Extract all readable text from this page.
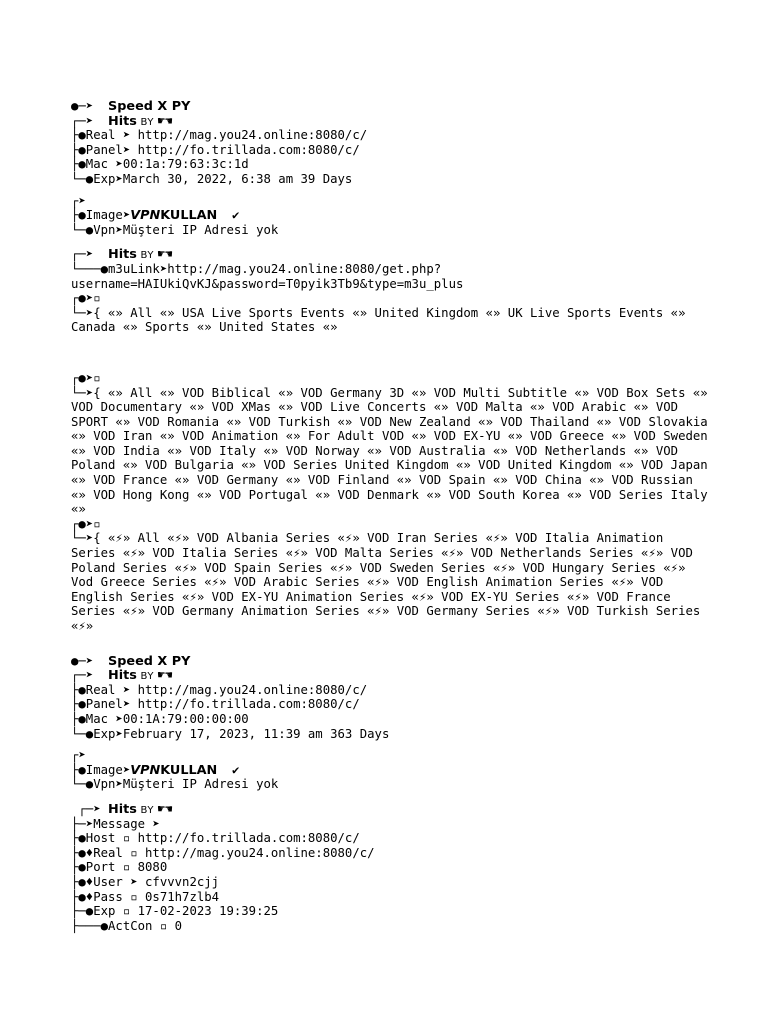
●─➤  Speed X PY
┌─➤  Hits BY ☛☚
├●Real ➤ http://mag.you24.online:8080/c/
├●Panel➤ http://fo.trillada.com:8080/c/
├●Mac ➤00:1a:79:63:3c:1d
└─●Exp➤March 30, 2022, 6:38 am 39 Days
┌➤
├●Image➤𝙑𝙋𝙉KULLAN  ✔
└─●Vpn➤Müşteri IP Adresi yok
┌─➤  Hits BY ☛☚
└───●m3uLink➤http://mag.you24.online:8080/get.php?
username=HAIUkiQvKJ&password=T0pyik3Tb9&type=m3u_plus
┌●➤▫
└─➤{ «» All «» USA Live Sports Events «» United Kingdom «» UK Live Sports Events «» Canada «» Sports «» United States «»
┌●➤▫
└─➤{ «» All «» VOD Biblical «» VOD Germany 3D «» VOD Multi Subtitle «» VOD Box Sets «» VOD Documentary «» VOD XMas «» VOD Live Concerts «» VOD Malta «» VOD Arabic «» VOD SPORT «» VOD Romania «» VOD Turkish «» VOD New Zealand «» VOD Thailand «» VOD Slovakia «» VOD Iran «» VOD Animation «» For Adult VOD «» VOD EX-YU «» VOD Greece «» VOD Sweden «» VOD India «» VOD Italy «» VOD Norway «» VOD Australia «» VOD Netherlands «» VOD Poland «» VOD Bulgaria «» VOD Series United Kingdom «» VOD United Kingdom «» VOD Japan «» VOD France «» VOD Germany «» VOD Finland «» VOD Spain «» VOD China «» VOD Russian «» VOD Hong Kong «» VOD Portugal «» VOD Denmark «» VOD South Korea «» VOD Series Italy «»
┌●➤▫
└─➤{ «⚡» All «⚡» VOD Albania Series «⚡» VOD Iran Series «⚡» VOD Italia Animation Series «⚡» VOD Italia Series «⚡» VOD Malta Series «⚡» VOD Netherlands Series «⚡» VOD Poland Series «⚡» VOD Spain Series «⚡» VOD Sweden Series «⚡» VOD Hungary Series «⚡» Vod Greece Series «⚡» VOD Arabic Series «⚡» VOD English Animation Series «⚡» VOD English Series «⚡» VOD EX-YU Animation Series «⚡» VOD EX-YU Series «⚡» VOD France Series «⚡» VOD Germany Animation Series «⚡» VOD Germany Series «⚡» VOD Turkish Series «⚡»
●─➤  Speed X PY
┌─➤  Hits BY ☛☚
├●Real ➤ http://mag.you24.online:8080/c/
├●Panel➤ http://fo.trillada.com:8080/c/
├●Mac ➤00:1A:79:00:00:00
└─●Exp➤February 17, 2023, 11:39 am 363 Days
┌➤
├●Image➤𝙑𝙋𝙉KULLAN  ✔
└─●Vpn➤Müşteri IP Adresi yok
┌─➤ Hits BY ☛☚
├─➤Message ➤
├●Host ▫ http://fo.trillada.com:8080/c/
├●♦Real ▫ http://mag.you24.online:8080/c/
├●Port ▫ 8080
├●♦User ➤ cfvvvn2cjj
├●♦Pass ▫ 0s71h7zlb4
├─●Exp ▫ 17-02-2023 19:39:25
├───●ActCon ▫ 0
